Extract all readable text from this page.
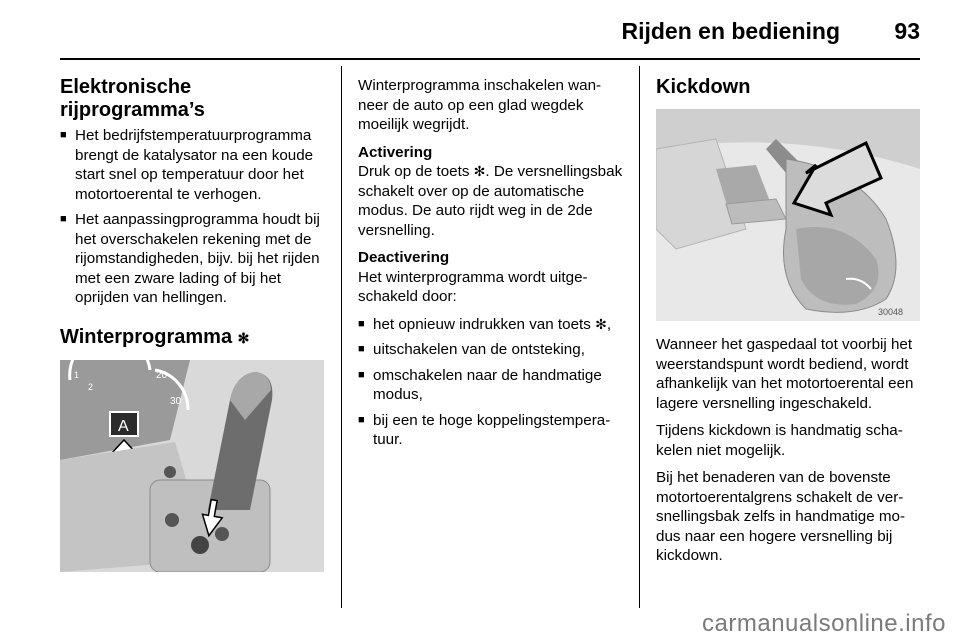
Rijden en bediening 93
Elektronische rijprogramma’s
■ Het bedrijfstemperatuurprogramma brengt de katalysator na een koude start snel op temperatuur door het motortoerental te verhogen.
■ Het aanpassingprogramma houdt bij het overschakelen rekening met de rijomstandigheden, bijv. bij het rijden met een zware lading of bij het oprijden van hellingen.
Winterprogramma ✻
A
1
2
20
30

Winterprogramma inschakelen wanneer de auto op een glad wegdek moeilijk wegrijdt.

Activering

Druk op de toets ✻. De versnellingsbak schakelt over op de automatische modus. De auto rijdt weg in de 2de versnelling.

Deactivering

Het winterprogramma wordt uitgeschakeld door:

■ het opnieuw indrukken van toets ✻,
■ uitschakelen van de ontsteking,
■ omschakelen naar de handmatige modus,
■ bij een te hoge koppelingstemperatuur.
Kickdown
30048

Wanneer het gaspedaal tot voorbij het weerstandspunt wordt bediend, wordt afhankelijk van het motortoerental een lagere versnelling ingeschakeld.

Tijdens kickdown is handmatig schakelen niet mogelijk.

Bij het benaderen van de bovenste motortoerentalgrens schakelt de versnellingsbak zelfs in handmatige modus naar een hogere versnelling bij kickdown.

carmanualsonline.info
